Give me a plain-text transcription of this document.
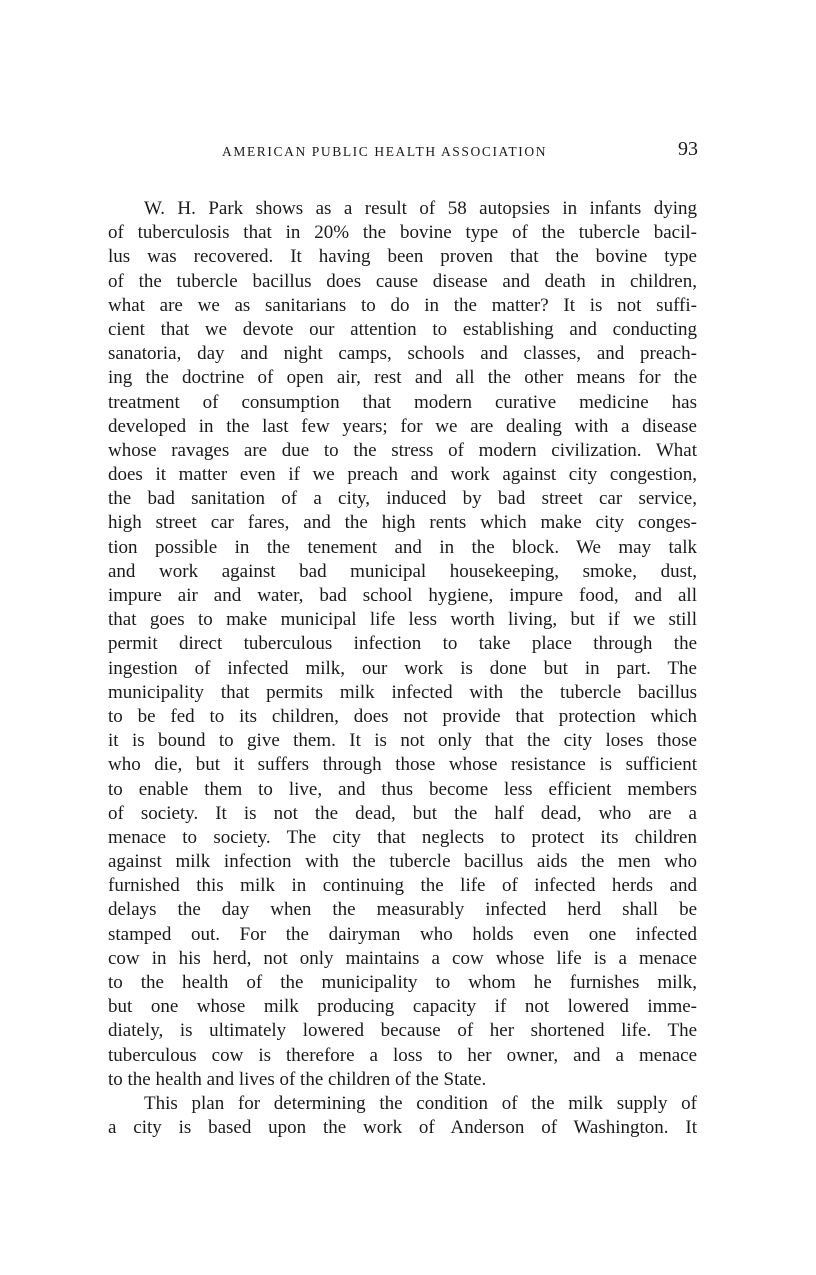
AMERICAN PUBLIC HEALTH ASSOCIATION	93
W. H. Park shows as a result of 58 autopsies in infants dying
of tuberculosis that in 20% the bovine type of the tubercle bacil-
lus was recovered. It having been proven that the bovine type
of the tubercle bacillus does cause disease and death in children,
what are we as sanitarians to do in the matter? It is not suffi-
cient that we devote our attention to establishing and conducting
sanatoria, day and night camps, schools and classes, and preach-
ing the doctrine of open air, rest and all the other means for the
treatment of consumption that modern curative medicine has
developed in the last few years; for we are dealing with a disease
whose ravages are due to the stress of modern civilization. What
does it matter even if we preach and work against city congestion,
the bad sanitation of a city, induced by bad street car service,
high street car fares, and the high rents which make city conges-
tion possible in the tenement and in the block. We may talk
and work against bad municipal housekeeping, smoke, dust,
impure air and water, bad school hygiene, impure food, and all
that goes to make municipal life less worth living, but if we still
permit direct tuberculous infection to take place through the
ingestion of infected milk, our work is done but in part. The
municipality that permits milk infected with the tubercle bacillus
to be fed to its children, does not provide that protection which
it is bound to give them. It is not only that the city loses those
who die, but it suffers through those whose resistance is sufficient
to enable them to live, and thus become less efficient members
of society. It is not the dead, but the half dead, who are a
menace to society. The city that neglects to protect its children
against milk infection with the tubercle bacillus aids the men who
furnished this milk in continuing the life of infected herds and
delays the day when the measurably infected herd shall be
stamped out. For the dairyman who holds even one infected
cow in his herd, not only maintains a cow whose life is a menace
to the health of the municipality to whom he furnishes milk,
but one whose milk producing capacity if not lowered imme-
diately, is ultimately lowered because of her shortened life. The
tuberculous cow is therefore a loss to her owner, and a menace
to the health and lives of the children of the State.
This plan for determining the condition of the milk supply of
a city is based upon the work of Anderson of Washington. It
